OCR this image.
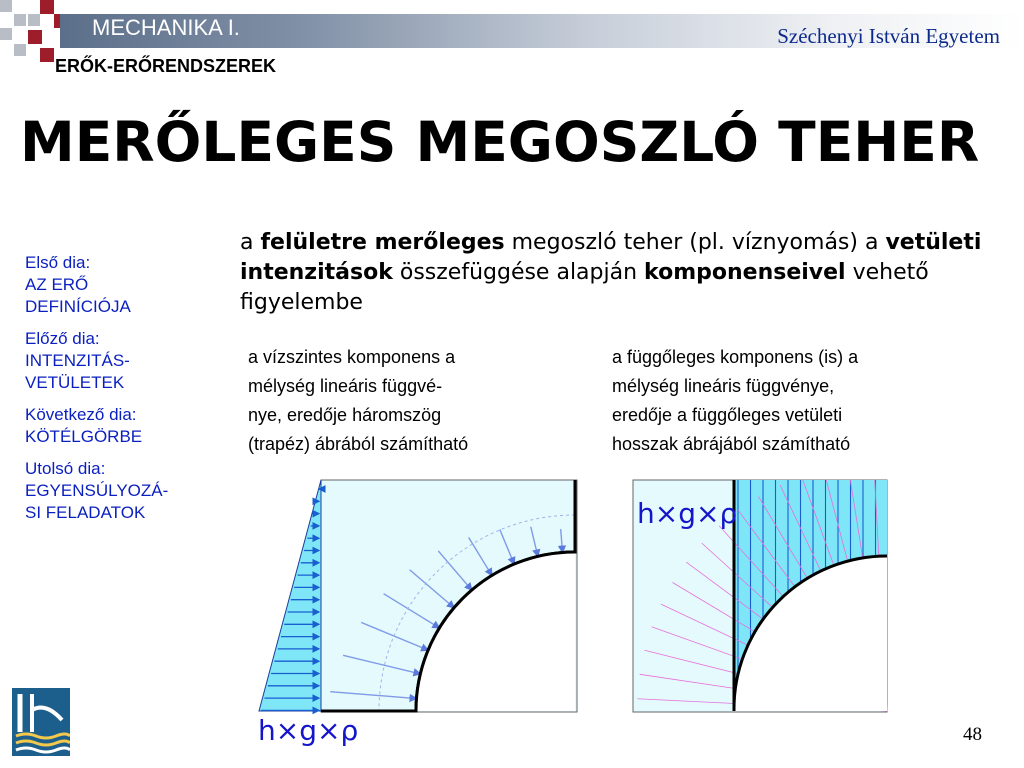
MECHANIKA I.	Széchenyi István Egyetem
ERŐK-ERŐRENDSZEREK
MERŐLEGES MEGOSZLÓ TEHER
Első dia:
AZ ERŐ
DEFINÍCIÓJA
Előző dia:
INTENZITÁS-
VETÜLETEK
Következő dia:
KÖTÉLGÖRBE
Utolsó dia:
EGYENSÚLYOZÁ-
SI FELADATOK
a felületre merőleges megoszló teher (pl. víznyomás) a vetületi intenzitások összefüggése alapján komponenseivel vehető figyelembe
a vízszintes komponens a
mélység lineáris függvé-
nye, eredője háromszög
(trapéz) ábrából számítható
a függőleges komponens (is) a
mélység lineáris függvénye,
eredője a függőleges vetületi
hosszak ábrájából számítható
h×g×ρ
h×g×ρ
48
